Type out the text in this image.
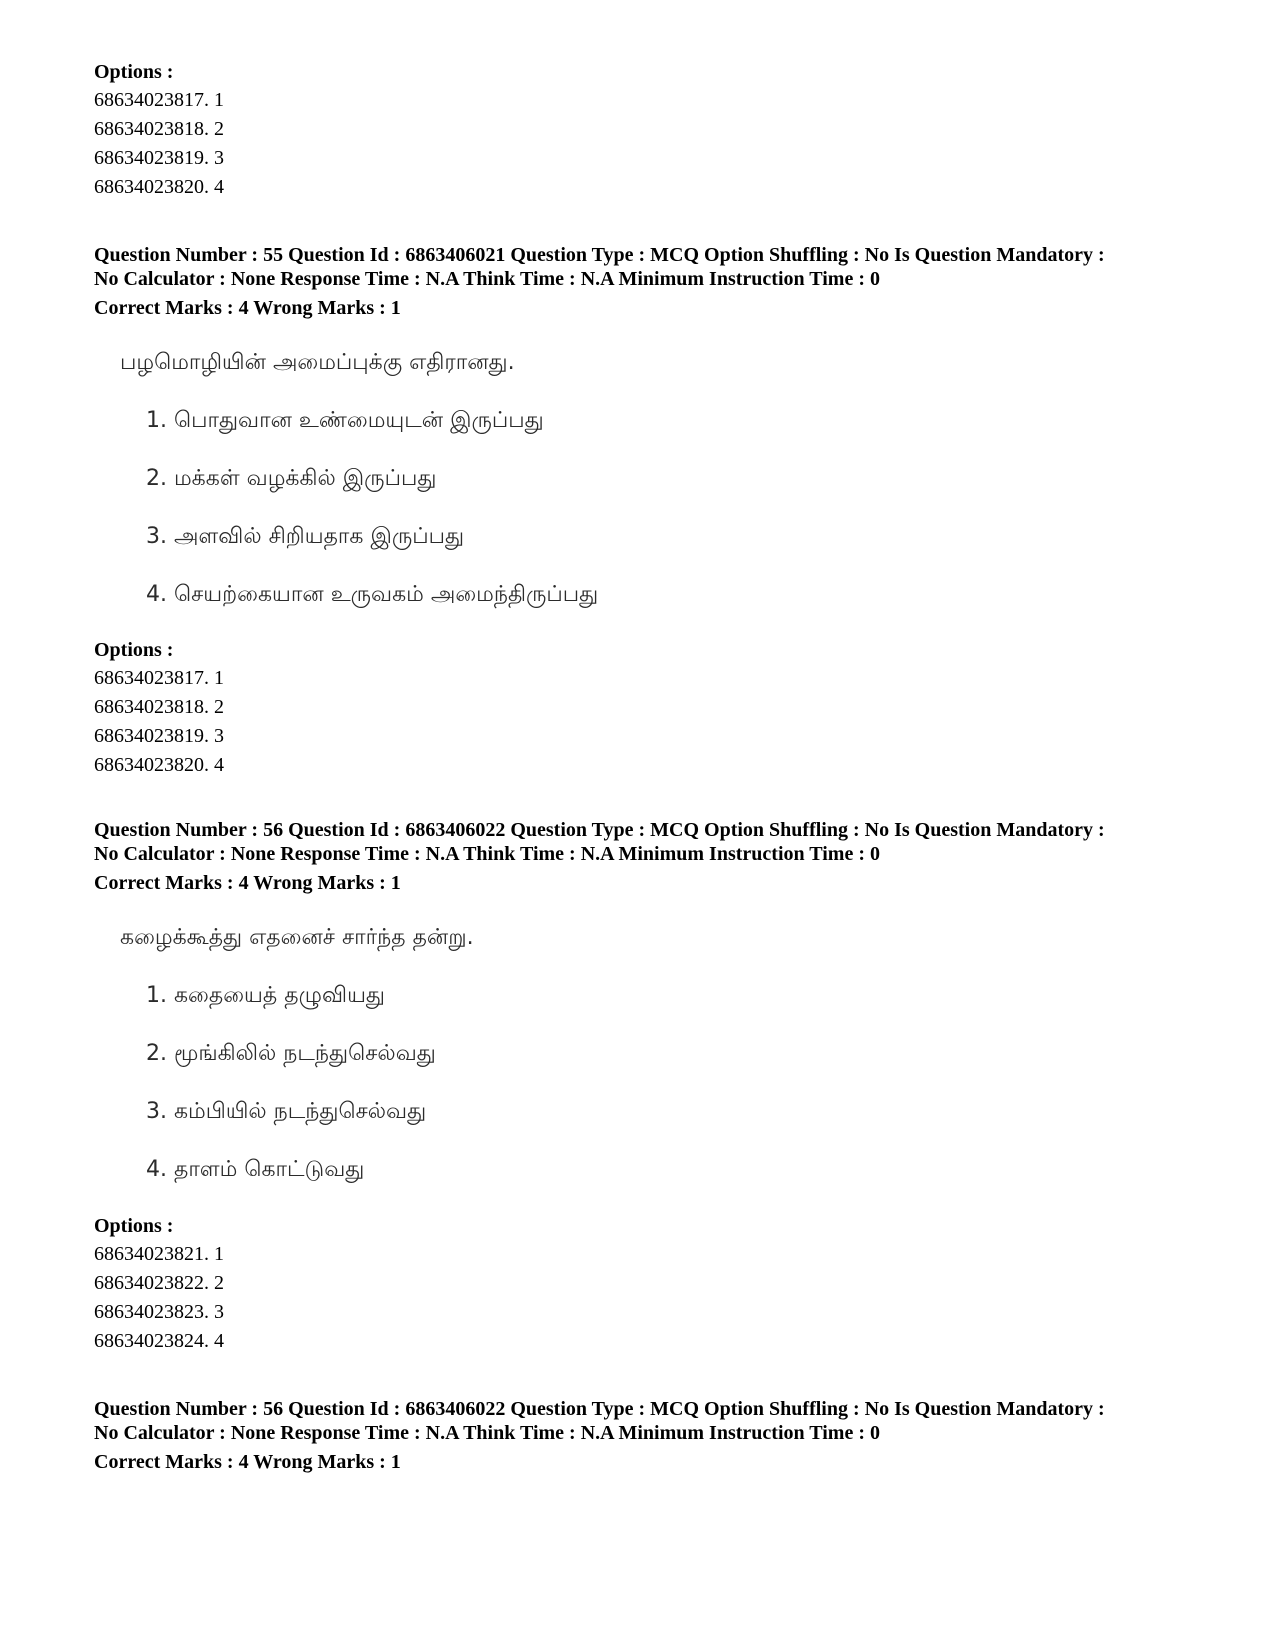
Options :
68634023817. 1
68634023818. 2
68634023819. 3
68634023820. 4
Question Number : 55 Question Id : 6863406021 Question Type : MCQ Option Shuffling : No Is Question Mandatory :
No Calculator : None Response Time : N.A Think Time : N.A Minimum Instruction Time : 0
Correct Marks : 4 Wrong Marks : 1
பழமொழியின் அமைப்புக்கு எதிரானது.
1. பொதுவான உண்மையுடன் இருப்பது
2. மக்கள் வழக்கில் இருப்பது
3. அளவில் சிறியதாக இருப்பது
4. செயற்கையான உருவகம் அமைந்திருப்பது
Options :
68634023817. 1
68634023818. 2
68634023819. 3
68634023820. 4
Question Number : 56 Question Id : 6863406022 Question Type : MCQ Option Shuffling : No Is Question Mandatory :
No Calculator : None Response Time : N.A Think Time : N.A Minimum Instruction Time : 0
Correct Marks : 4 Wrong Marks : 1
கழைக்கூத்து எதனைச் சார்ந்த தன்று.
1. கதையைத் தழுவியது
2. மூங்கிலில் நடந்துசெல்வது
3. கம்பியில் நடந்துசெல்வது
4. தாளம் கொட்டுவது
Options :
68634023821. 1
68634023822. 2
68634023823. 3
68634023824. 4
Question Number : 56 Question Id : 6863406022 Question Type : MCQ Option Shuffling : No Is Question Mandatory :
No Calculator : None Response Time : N.A Think Time : N.A Minimum Instruction Time : 0
Correct Marks : 4 Wrong Marks : 1
